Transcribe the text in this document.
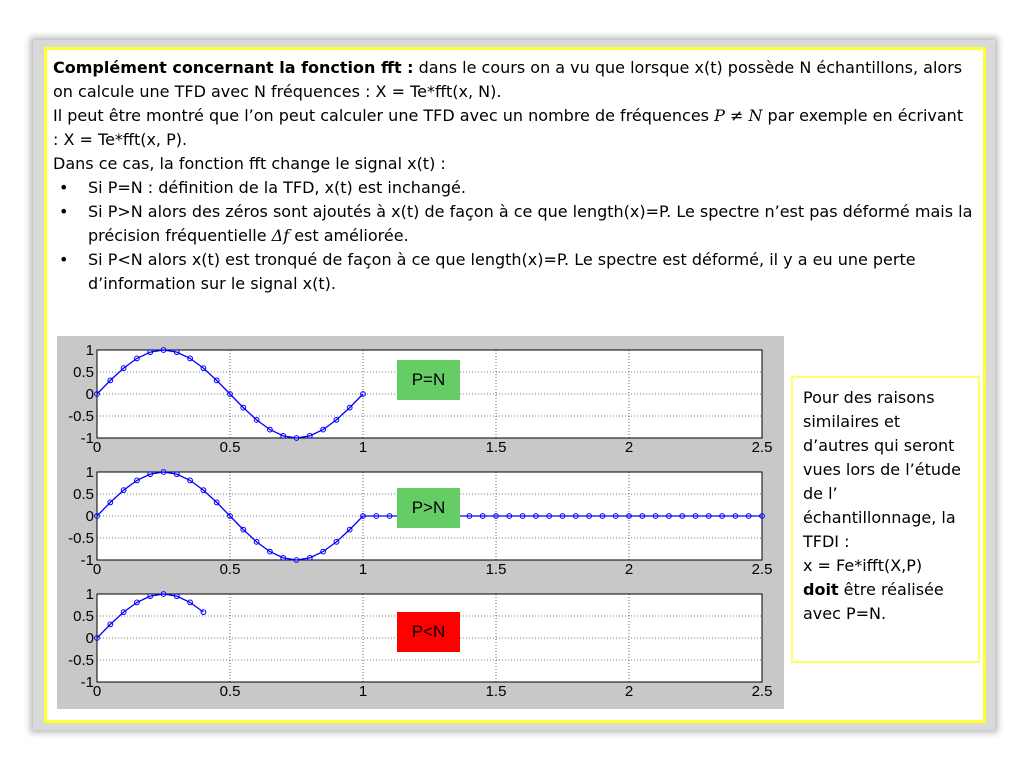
Complément concernant la fonction fft : dans le cours on a vu que lorsque x(t) possède N échantillons, alors on calcule une TFD avec N fréquences : X = Te*fft(x, N).

Il peut être montré que l’on peut calculer une TFD avec un nombre de fréquences P ≠ N par exemple en écrivant : X = Te*fft(x, P).

Dans ce cas, la fonction fft change le signal x(t) :

• Si P=N : définition de la TFD, x(t) est inchangé.
• Si P>N alors des zéros sont ajoutés à x(t) de façon à ce que length(x)=P. Le spectre n’est pas déformé mais la précision fréquentielle Δf est améliorée.
• Si P<N alors x(t) est tronqué de façon à ce que length(x)=P. Le spectre est déformé, il y a eu une perte d’information sur le signal x(t).
0	0.5	1	1.5	2	2.5
1
0.5
0
-0.5
-1
0	0.5	1	1.5	2	2.5
1
0.5
0
-0.5
-1
0	0.5	1	1.5	2	2.5
1
0.5
0
-0.5
-1
P=N
P>N
P<N
Pour des raisons similaires et d’autres qui seront vues lors de l’étude de l’ échantillonnage, la TFDI :
x = Fe*ifft(X,P)
doit être réalisée avec P=N.
